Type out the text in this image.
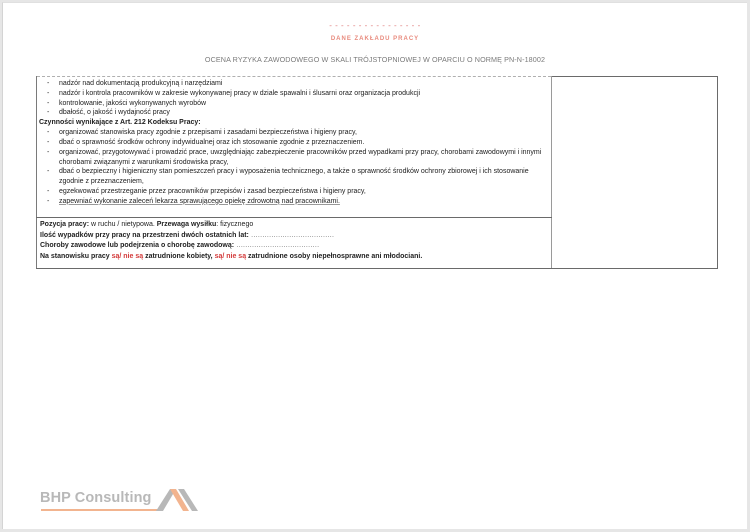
- - - - - - - - - - - - - - - -
DANE ZAKŁADU PRACY
OCENA RYZYKA ZAWODOWEGO W SKALI TRÓJSTOPNIOWEJ W OPARCIU O NORMĘ PN-N-18002
- nadzór nad dokumentacją produkcyjną i narzędziami
- nadzór i kontrola pracowników w zakresie wykonywanej pracy w dziale spawalni i ślusarni oraz organizacja produkcji
- kontrolowanie, jakości wykonywanych wyrobów
- dbałość, o jakość i wydajność pracy
Czynności wynikające z Art. 212 Kodeksu Pracy:
- organizować stanowiska pracy zgodnie z przepisami i zasadami bezpieczeństwa i higieny pracy,
- dbać o sprawność środków ochrony indywidualnej oraz ich stosowanie zgodnie z przeznaczeniem.
- organizować, przygotowywać i prowadzić prace, uwzględniając zabezpieczenie pracowników przed wypadkami przy pracy, chorobami zawodowymi i innymi chorobami związanymi z warunkami środowiska pracy,
- dbać o bezpieczny i higieniczny stan pomieszczeń pracy i wyposażenia technicznego, a także o sprawność środków ochrony zbiorowej i ich stosowanie zgodnie z przeznaczeniem,
- egzekwować przestrzeganie przez pracowników przepisów i zasad bezpieczeństwa i higieny pracy,
- zapewniać wykonanie zaleceń lekarza sprawującego opiekę zdrowotną nad pracownikami.

Pozycja pracy: w ruchu / nietypowa. Przewaga wysiłku: fizycznego
Ilość wypadków przy pracy na przestrzeni dwóch ostatnich lat: .....................................
Choroby zawodowe lub podejrzenia o chorobę zawodową: .....................................
Na stanowisku pracy są/ nie są zatrudnione kobiety, są/ nie są zatrudnione osoby niepełnosprawne ani młodociani.
BHP Consulting
